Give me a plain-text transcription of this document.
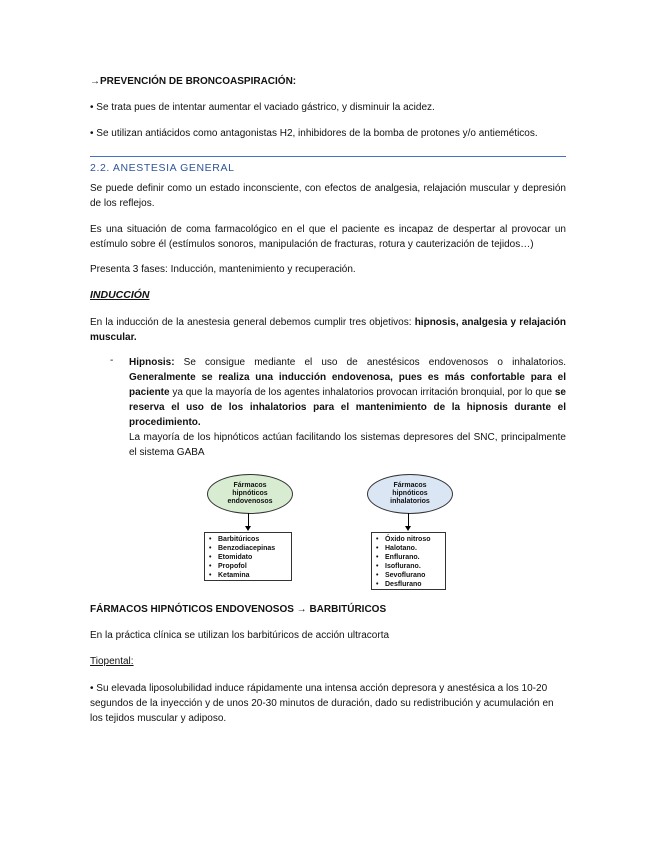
→PREVENCIÓN DE BRONCOASPIRACIÓN:

• Se trata pues de intentar aumentar el vaciado gástrico, y disminuir la acidez.

• Se utilizan antiácidos como antagonistas H2, inhibidores de la bomba de protones y/o antieméticos.

2.2. ANESTESIA GENERAL

Se puede definir como un estado inconsciente, con efectos de analgesia, relajación muscular y depresión de los reflejos.

Es una situación de coma farmacológico en el que el paciente es incapaz de despertar al provocar un estímulo sobre él (estímulos sonoros, manipulación de fracturas, rotura y cauterización de tejidos…)

Presenta 3 fases: Inducción, mantenimiento y recuperación.

INDUCCIÓN

En la inducción de la anestesia general debemos cumplir tres objetivos: hipnosis, analgesia y relajación muscular.

- Hipnosis: Se consigue mediante el uso de anestésicos endovenosos o inhalatorios. Generalmente se realiza una inducción endovenosa, pues es más confortable para el paciente ya que la mayoría de los agentes inhalatorios provocan irritación bronquial, por lo que se reserva el uso de los inhalatorios para el mantenimiento de la hipnosis durante el procedimiento.

La mayoría de los hipnóticos actúan facilitando los sistemas depresores del SNC, principalmente el sistema GABA

Fármacos hipnóticos endovenosos
Fármacos hipnóticos inhalatorios
• Barbitúricos
• Benzodiacepinas
• Etomidato
• Propofol
• Ketamina
• Óxido nitroso
• Halotano.
• Enflurano.
• Isoflurano.
• Sevoflurano
• Desflurano

FÁRMACOS HIPNÓTICOS ENDOVENOSOS → BARBITÚRICOS

En la práctica clínica se utilizan los barbitúricos de acción ultracorta

Tiopental:

• Su elevada liposolubilidad induce rápidamente una intensa acción depresora y anestésica a los 10-20 segundos de la inyección y de unos 20-30 minutos de duración, dado su redistribución y acumulación en los tejidos muscular y adiposo.
